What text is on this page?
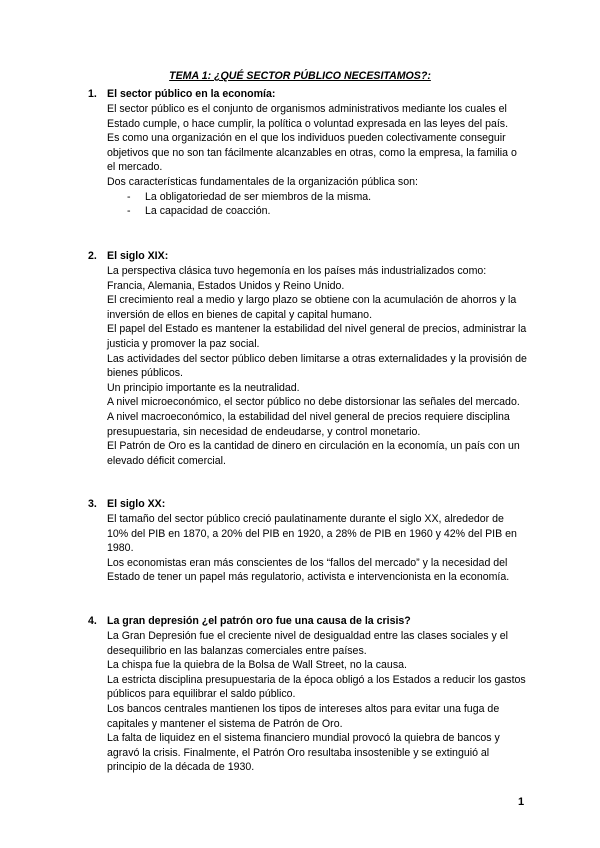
TEMA 1: ¿QUÉ SECTOR PÚBLICO NECESITAMOS?:
1. El sector público en la economía:

El sector público es el conjunto de organismos administrativos mediante los cuales el Estado cumple, o hace cumplir, la política o voluntad expresada en las leyes del país.

Es como una organización en el que los individuos pueden colectivamente conseguir objetivos que no son tan fácilmente alcanzables en otras, como la empresa, la familia o el mercado.

Dos características fundamentales de la organización pública son:

- La obligatoriedad de ser miembros de la misma.
- La capacidad de coacción.
2. El siglo XIX:

La perspectiva clásica tuvo hegemonía en los países más industrializados como: Francia, Alemania, Estados Unidos y Reino Unido.

El crecimiento real a medio y largo plazo se obtiene con la acumulación de ahorros y la inversión de ellos en bienes de capital y capital humano.

El papel del Estado es mantener la estabilidad del nivel general de precios, administrar la justicia y promover la paz social.

Las actividades del sector público deben limitarse a otras externalidades y la provisión de bienes públicos.

Un principio importante es la neutralidad.

A nivel microeconómico, el sector público no debe distorsionar las señales del mercado.

A nivel macroeconómico, la estabilidad del nivel general de precios requiere disciplina presupuestaria, sin necesidad de endeudarse, y control monetario.

El Patrón de Oro es la cantidad de dinero en circulación en la economía, un país con un elevado déficit comercial.

3. El siglo XX:

El tamaño del sector público creció paulatinamente durante el siglo XX, alrededor de 10% del PIB en 1870, a 20% del PIB en 1920, a 28% de PIB en 1960 y 42% del PIB en 1980.

Los economistas eran más conscientes de los “fallos del mercado” y la necesidad del Estado de tener un papel más regulatorio, activista e intervencionista en la economía.

4. La gran depresión ¿el patrón oro fue una causa de la crisis?

La Gran Depresión fue el creciente nivel de desigualdad entre las clases sociales y el desequilibrio en las balanzas comerciales entre países.

La chispa fue la quiebra de la Bolsa de Wall Street, no la causa.

La estricta disciplina presupuestaria de la época obligó a los Estados a reducir los gastos públicos para equilibrar el saldo público.

Los bancos centrales mantienen los tipos de intereses altos para evitar una fuga de capitales y mantener el sistema de Patrón de Oro.

La falta de liquidez en el sistema financiero mundial provocó la quiebra de bancos y agravó la crisis. Finalmente, el Patrón Oro resultaba insostenible y se extinguió al principio de la década de 1930.

1
